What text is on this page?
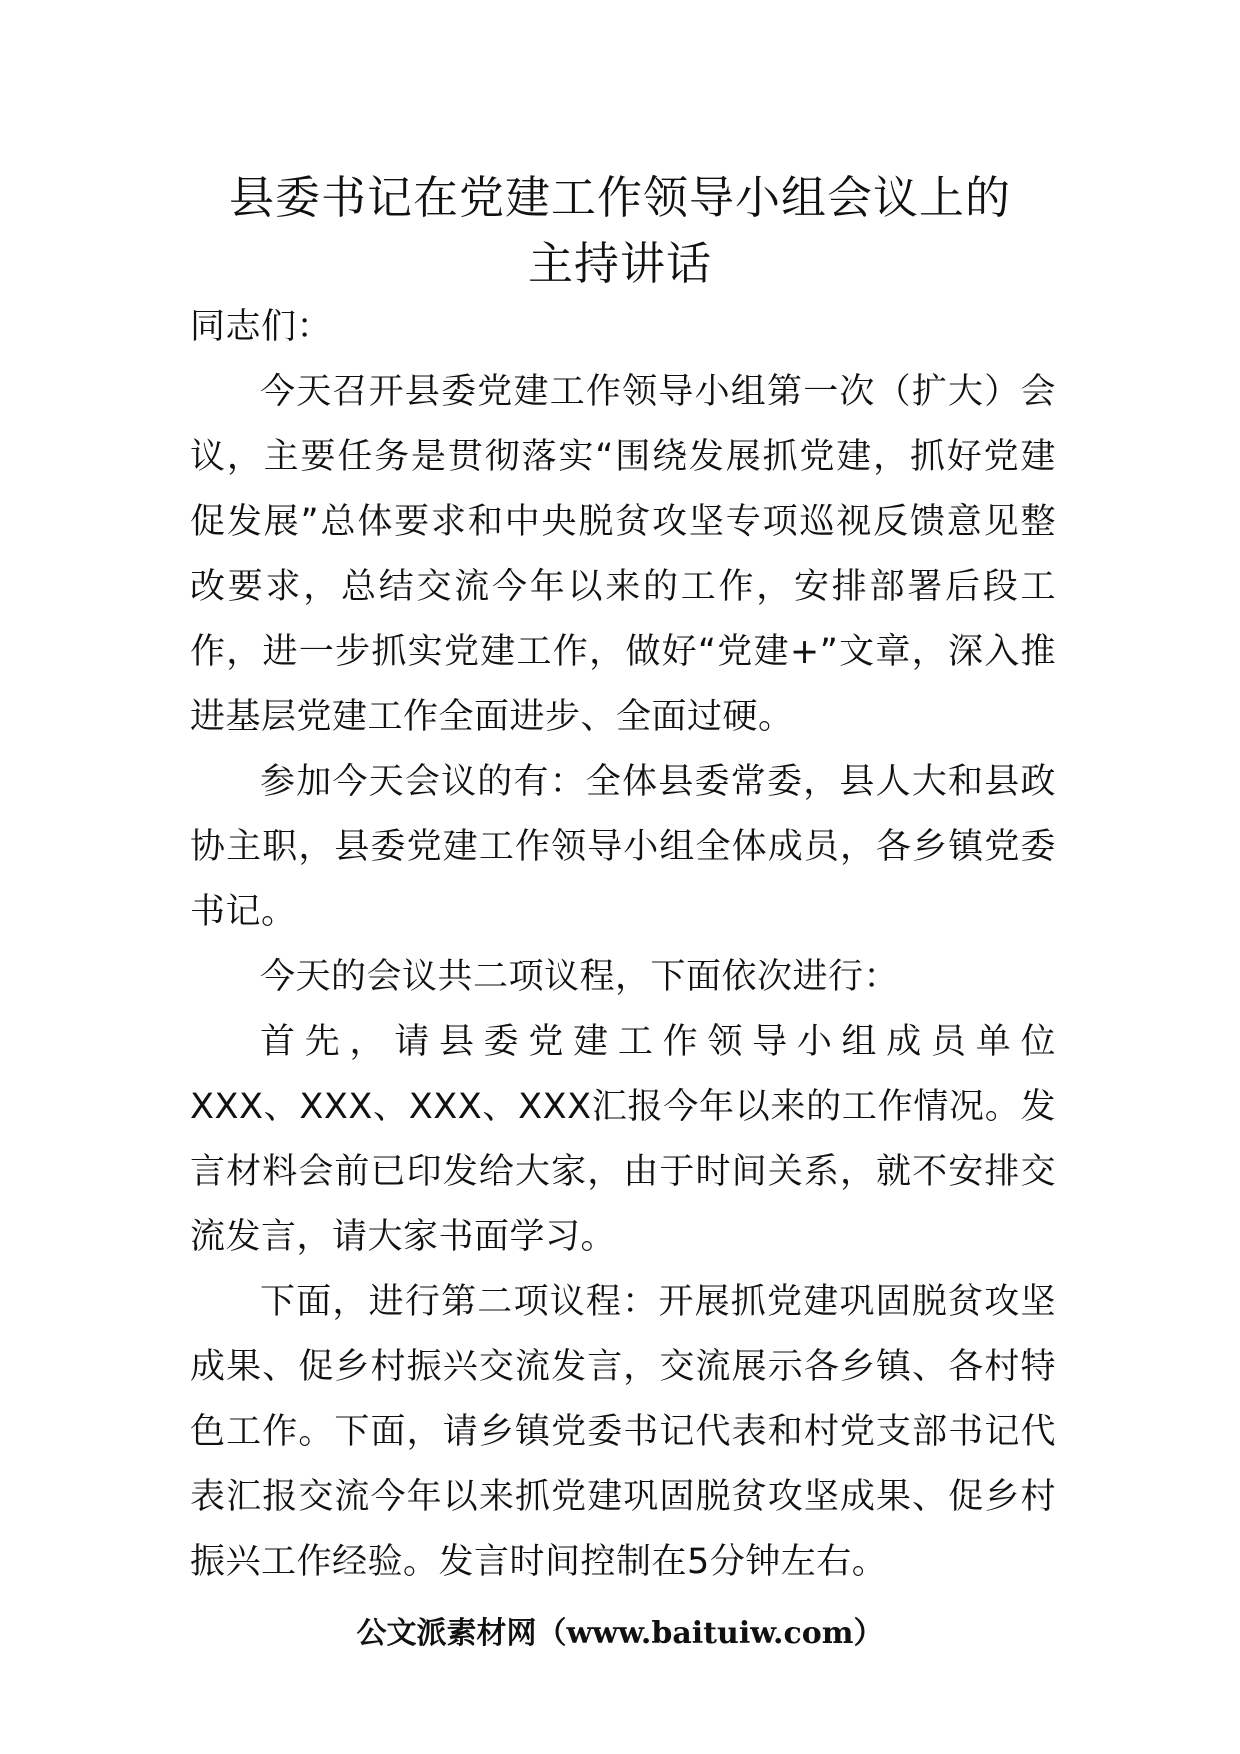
县委书记在党建工作领导小组会议上的
主持讲话

同志们：

今天召开县委党建工作领导小组第一次（扩大）会议，主要任务是贯彻落实“围绕发展抓党建，抓好党建促发展”总体要求和中央脱贫攻坚专项巡视反馈意见整改要求，总结交流今年以来的工作，安排部署后段工作，进一步抓实党建工作，做好“党建+”文章，深入推进基层党建工作全面进步、全面过硬。

参加今天会议的有：全体县委常委，县人大和县政协主职，县委党建工作领导小组全体成员，各乡镇党委书记。

今天的会议共二项议程，下面依次进行：

首先，请县委党建工作领导小组成员单位

XXX、XXX、XXX、XXX汇报今年以来的工作情况。发言材料会前已印发给大家，由于时间关系，就不安排交流发言，请大家书面学习。

下面，进行第二项议程：开展抓党建巩固脱贫攻坚成果、促乡村振兴交流发言，交流展示各乡镇、各村特色工作。下面，请乡镇党委书记代表和村党支部书记代表汇报交流今年以来抓党建巩固脱贫攻坚成果、促乡村振兴工作经验。发言时间控制在5分钟左右。

公文派素材网（www.baituiw.com）
